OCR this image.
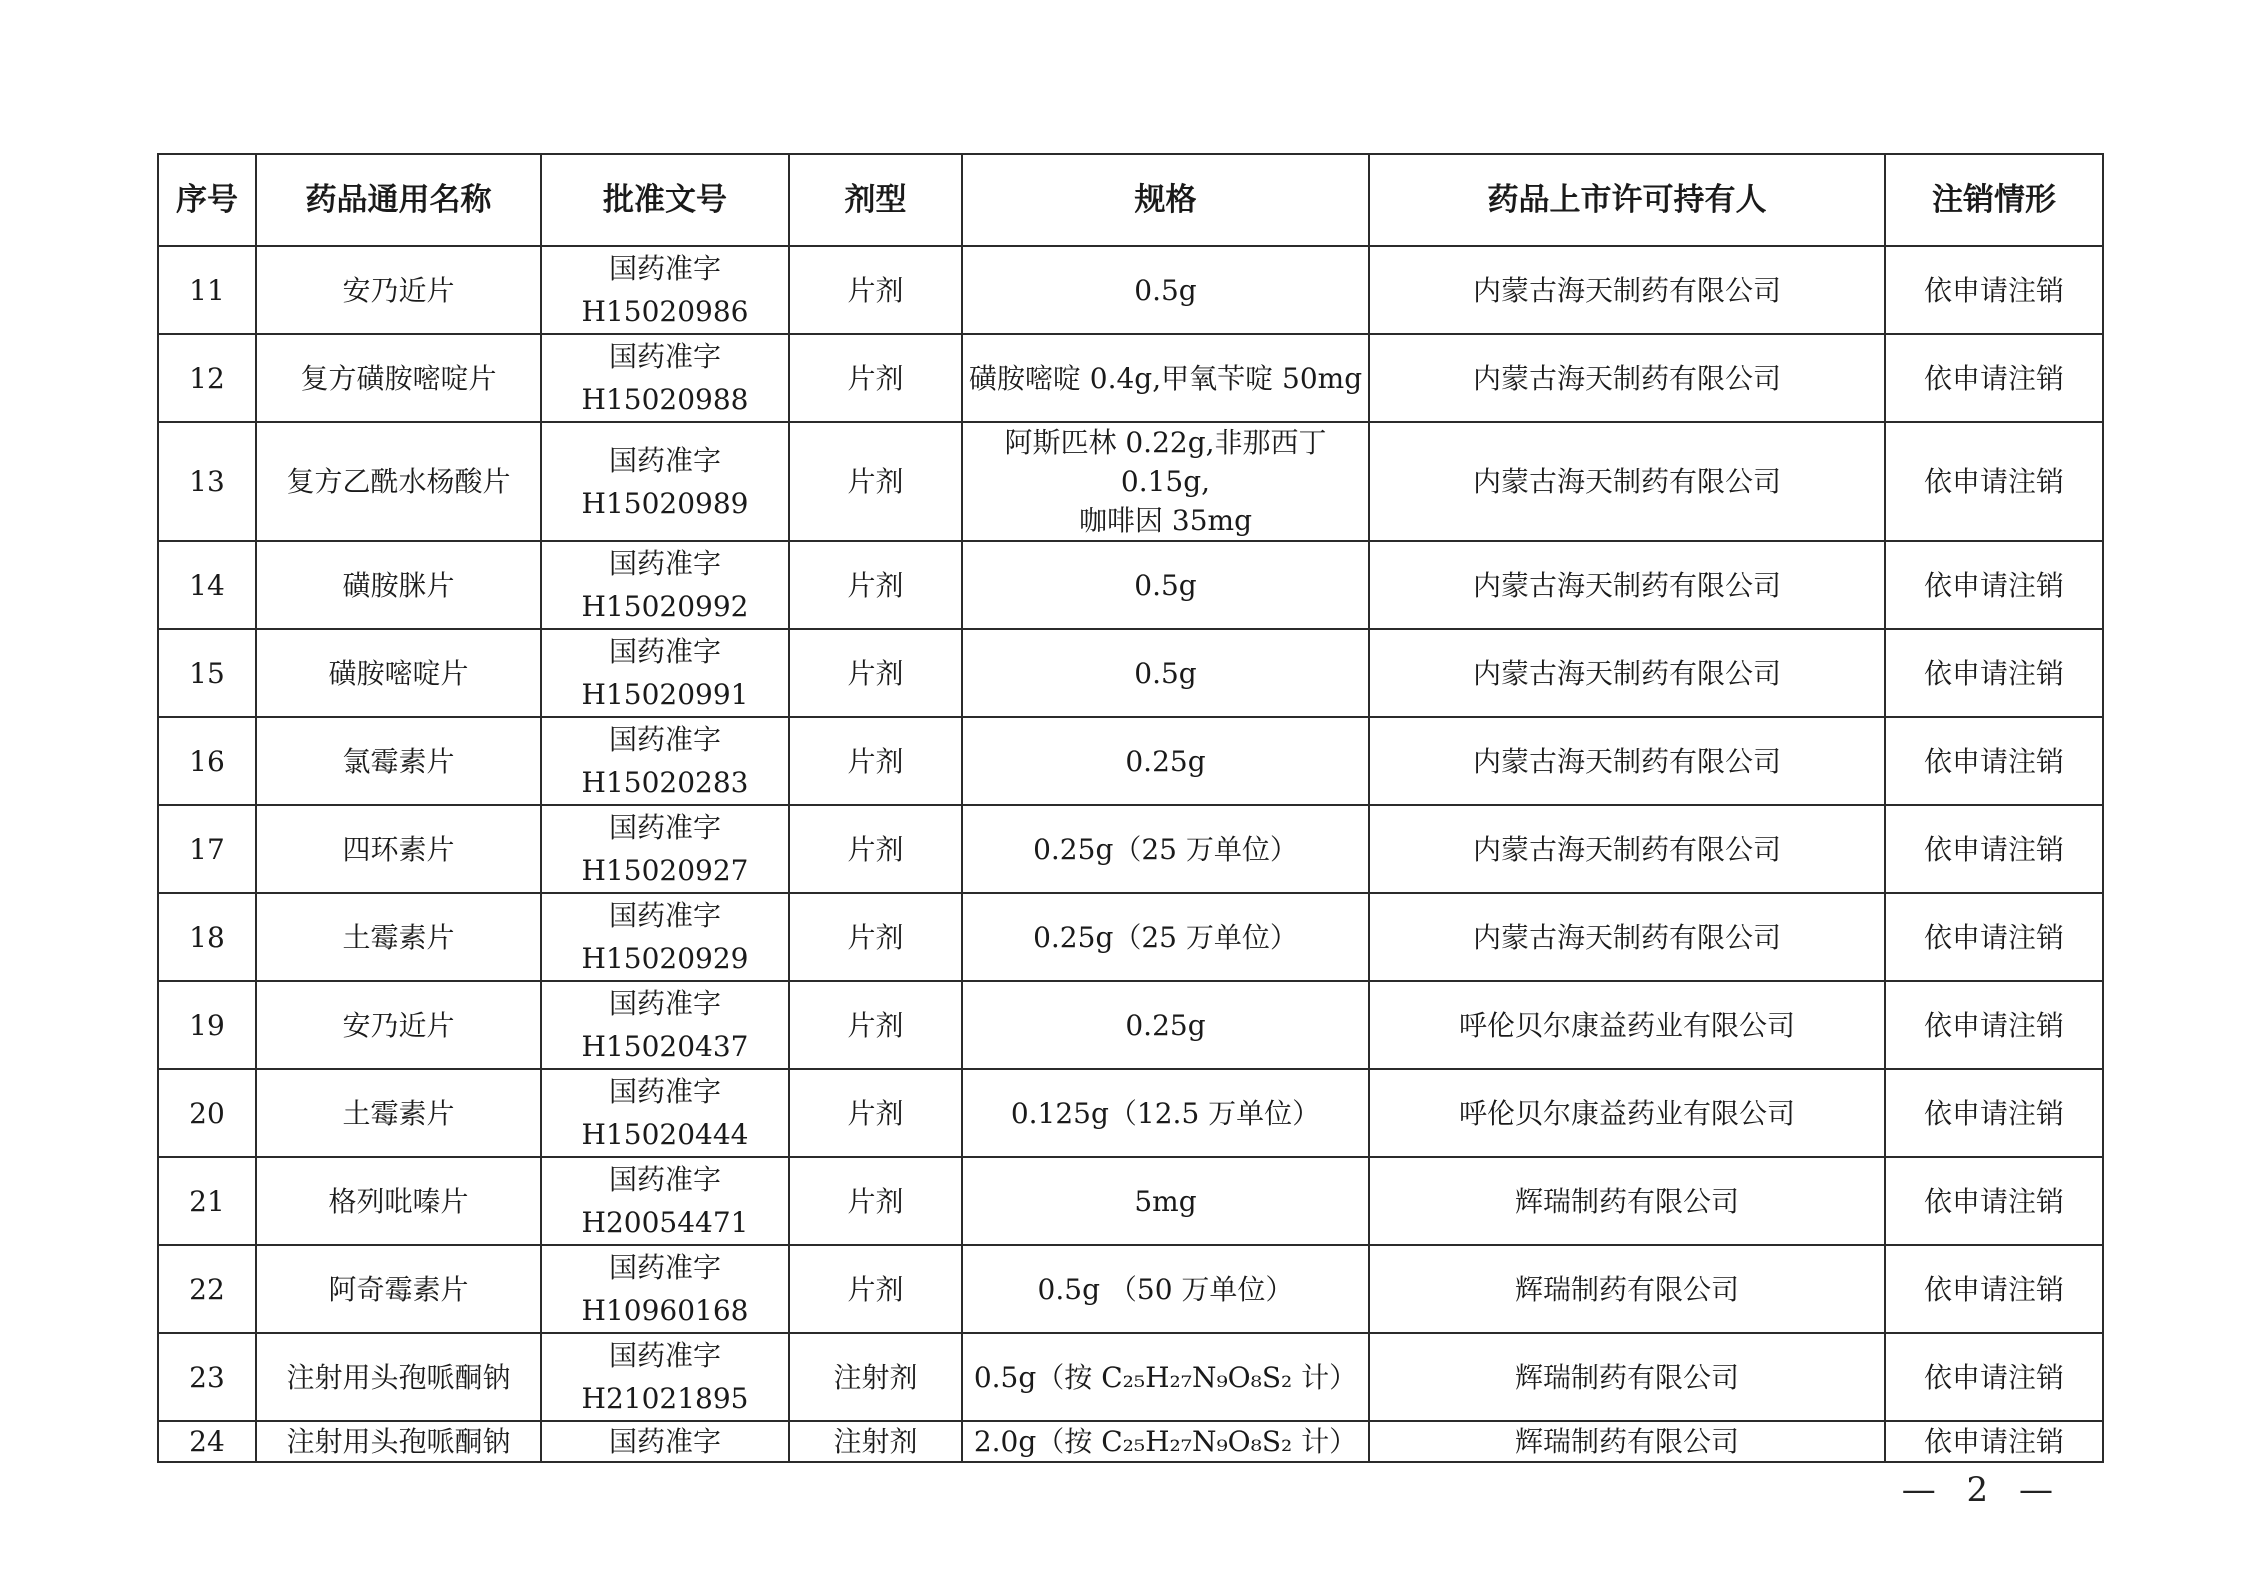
序号	药品通用名称	批准文号	剂型	规格	药品上市许可持有人	注销情形
11	安乃近片	国药准字
H15020986	片剂	0.5g	内蒙古海天制药有限公司	依申请注销
12	复方磺胺嘧啶片	国药准字
H15020988	片剂	磺胺嘧啶 0.4g,甲氧苄啶 50mg	内蒙古海天制药有限公司	依申请注销
13	复方乙酰水杨酸片	国药准字
H15020989	片剂	阿斯匹林 0.22g,非那西丁 0.15g,
咖啡因 35mg	内蒙古海天制药有限公司	依申请注销
14	磺胺脒片	国药准字
H15020992	片剂	0.5g	内蒙古海天制药有限公司	依申请注销
15	磺胺嘧啶片	国药准字
H15020991	片剂	0.5g	内蒙古海天制药有限公司	依申请注销
16	氯霉素片	国药准字
H15020283	片剂	0.25g	内蒙古海天制药有限公司	依申请注销
17	四环素片	国药准字
H15020927	片剂	0.25g（25 万单位）	内蒙古海天制药有限公司	依申请注销
18	土霉素片	国药准字
H15020929	片剂	0.25g（25 万单位）	内蒙古海天制药有限公司	依申请注销
19	安乃近片	国药准字
H15020437	片剂	0.25g	呼伦贝尔康益药业有限公司	依申请注销
20	土霉素片	国药准字
H15020444	片剂	0.125g（12.5 万单位）	呼伦贝尔康益药业有限公司	依申请注销
21	格列吡嗪片	国药准字
H20054471	片剂	5mg	辉瑞制药有限公司	依申请注销
22	阿奇霉素片	国药准字
H10960168	片剂	0.5g （50 万单位）	辉瑞制药有限公司	依申请注销
23	注射用头孢哌酮钠	国药准字
H21021895	注射剂	0.5g（按 C₂₅H₂₇N₉O₈S₂ 计）	辉瑞制药有限公司	依申请注销
24	注射用头孢哌酮钠	国药准字	注射剂	2.0g（按 C₂₅H₂₇N₉O₈S₂ 计）	辉瑞制药有限公司	依申请注销
— 2 —
